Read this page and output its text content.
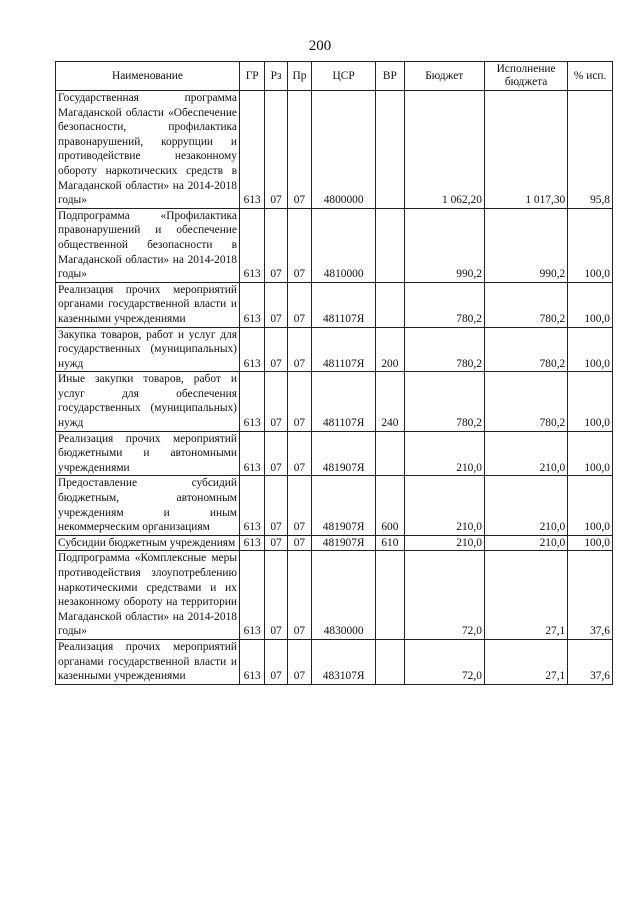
200
Наименование	ГР	Рз	Пр	ЦСР	ВР	Бюджет	Исполнение бюджета	% исп.
Государственная программа Магаданской области «Обеспечение безопасности, профилактика правонарушений, коррупции и противодействие незаконному обороту наркотических средств в Магаданской области» на 2014-2018 годы»	613	07	07	4800000		1 062,20	1 017,30	95,8
Подпрограмма «Профилактика правонарушений и обеспечение общественной безопасности в Магаданской области» на 2014-2018 годы»	613	07	07	4810000		990,2	990,2	100,0
Реализация прочих мероприятий органами государственной власти и казенными учреждениями	613	07	07	481107Я		780,2	780,2	100,0
Закупка товаров, работ и услуг для государственных (муниципальных) нужд	613	07	07	481107Я	200	780,2	780,2	100,0
Иные закупки товаров, работ и услуг для обеспечения государственных (муниципальных) нужд	613	07	07	481107Я	240	780,2	780,2	100,0
Реализация прочих мероприятий бюджетными и автономными учреждениями	613	07	07	481907Я		210,0	210,0	100,0
Предоставление субсидий бюджетным, автономным учреждениям и иным некоммерческим организациям	613	07	07	481907Я	600	210,0	210,0	100,0
Субсидии бюджетным учреждениям	613	07	07	481907Я	610	210,0	210,0	100,0
Подпрограмма «Комплексные меры противодействия злоупотреблению наркотическими средствами и их незаконному обороту на территории Магаданской области» на 2014-2018 годы»	613	07	07	4830000		72,0	27,1	37,6
Реализация прочих мероприятий органами государственной власти и казенными учреждениями	613	07	07	483107Я		72,0	27,1	37,6
